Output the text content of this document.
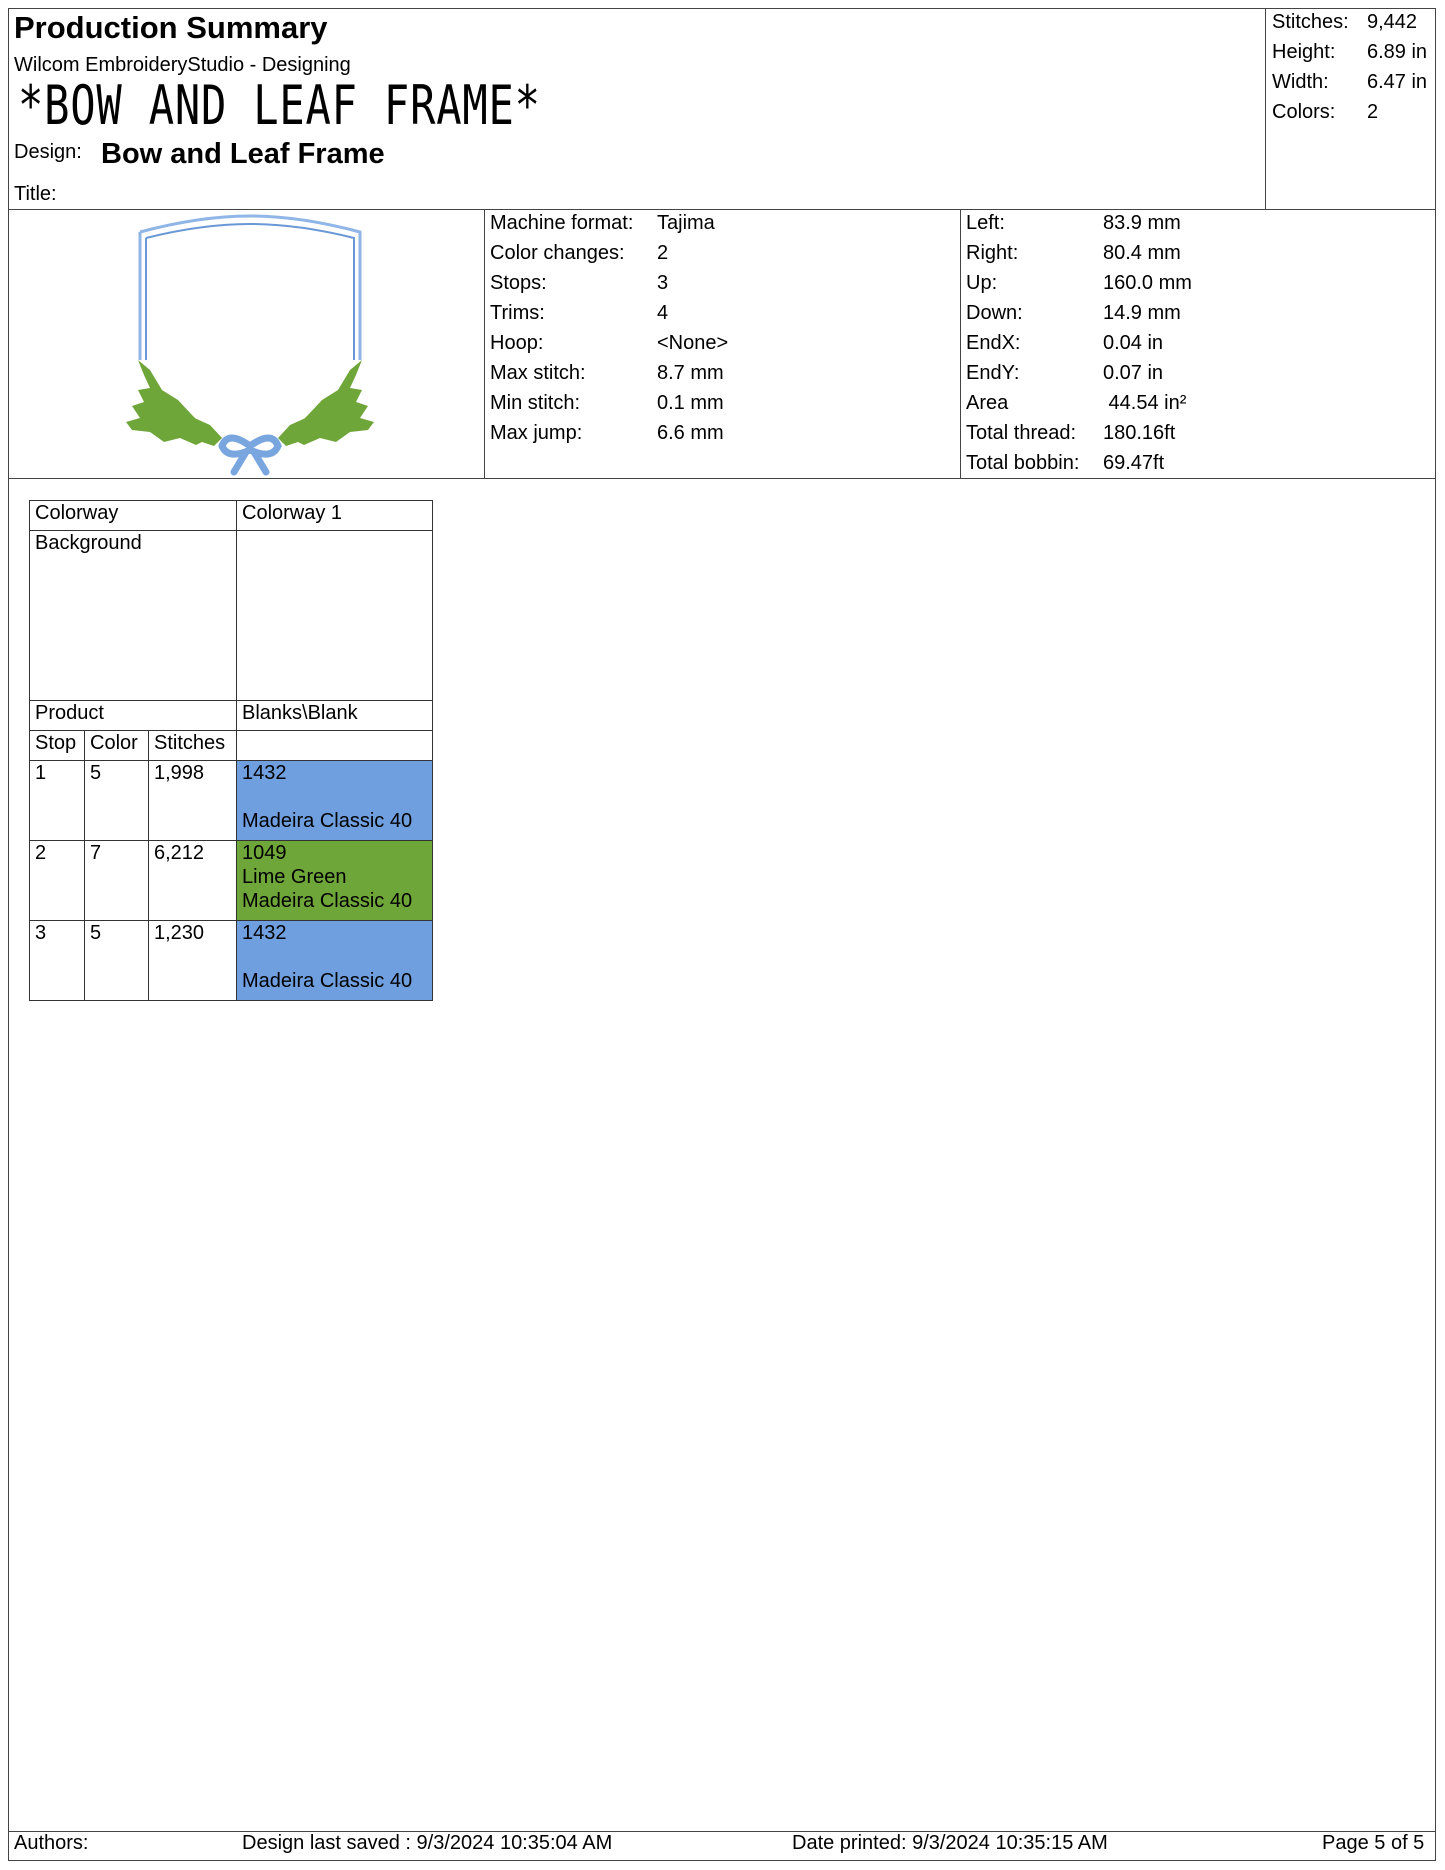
Production Summary
Wilcom EmbroideryStudio - Designing
*BOW AND LEAF FRAME*
Design: Bow and Leaf Frame
Title:
Stitches: 9,442
Height: 6.89 in
Width: 6.47 in
Colors: 2
Machine format: Tajima
Color changes: 2
Stops:	3
Trims:	4
Hoop:	<None>
Max stitch:	8.7 mm
Min stitch:	0.1 mm
Max jump:	6.6 mm
Left:	83.9 mm
Right:	80.4 mm
Up:	160.0 mm
Down:	14.9 mm
EndX:	0.04 in
EndY:	0.07 in
Area	44.54 in²
Total thread: 180.16ft
Total bobbin: 69.47ft
Colorway			Colorway 1
Background			
Product			Blanks\Blank
Stop	Color	Stitches	
1	5	1,998	1432
Madeira Classic 40

2	7	6,212	1049
Lime Green
Madeira Classic 40

3	5	1,230	1432
Madeira Classic 40
Authors:	Design last saved : 9/3/2024 10:35:04 AM	Date printed: 9/3/2024 10:35:15 AM	Page 5 of 5
